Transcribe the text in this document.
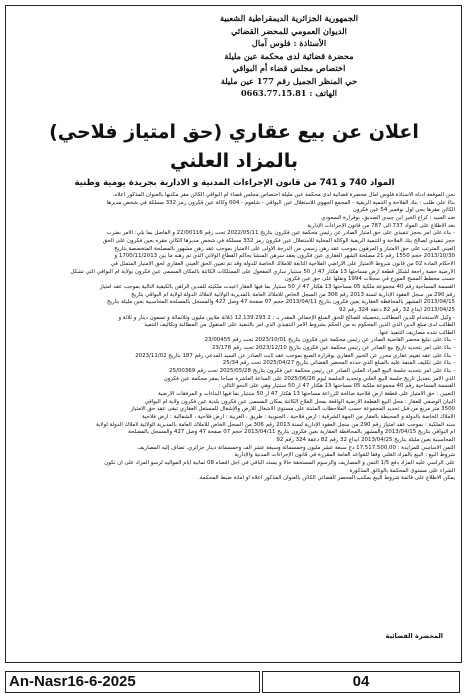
الجمهورية الجزائرية الديمقراطية الشعبية
الديوان العمومي للمحضر القضائي
الأستاذة : فلوس آمال
محضرة قضائية لدى محكمة عين مليلة
اختصاص مجلس قضاء أم البواقي
حي المنظر الجميل رقم 177 عين مليلة
الهاتف : 0663.77.15.81
اعلان عن بيع عقاري (حق امتياز فلاحي)
بالمزاد العلني
المواد 740 و 741 من قانون الإجراءات المدنية و الادارية بجريدة يومية وطنية

نحن الموقعة أدناه الأستاذة فلوس آمال محضرة قضائية لدى محكمة عين مليلة اختصاص مجلس قضاء أم البواقي الكائن مقر مكتبها بالعنوان المذكور أعلاه.

بناءً على طلب : بنك الفلاحة و التنمية الريفية - المجمع الجهوي للاستغلال عين البواقي - شلغوم - 004 وكالة عين فكرون رمز 332 مسلكة في شخص مديرها

الكائن مقرها بحي أول نوفمبر 54 عين فكرون

ضد السيد : كراع الخير ابن جيدي الصديق، بوقرارة السعودي

بعد الاطلاع على المواد 737 الى 787 من قانون الإجراءات الإدارية

- بناء على أمر بحجز تنفيذي على حق امتياز الصادر عن رئيس محكمة عين فكرون بتاريخ 2022/05/11 تحت رقم 22/00116 و الفاصل بما يلي: الأمر بضرب

حجز تنفيذي لصالح بنك الفلاحة و التنمية الريفية الوكالة المحلية للاستغلال عين فكرون رمز 332 مسلكة في شخص مديرها الكائن مقره بعين فكرون على الحق

العيني المترتب على حق الامتياز و المرهون بموجب عقد رهن رسمي من الدرجة الأولى على الامتياز بموجب عقد رهن مشهور بالمصلحة المتخصصة بتاريخ

2013/10/30 حجم 1550 رقم 21 مصلحة الشهر العقاري عين فكرون بعقد سرهن المنشأ بحاكم القطاع الولائي الذي تم رهنه ما بين 1700/11/2013 و

الأحكام المادة 02 من قانون شروط الامتياز على الأراضي الفلاحية التابعة للأملاك الخاصة للدولة وقد تم تعيين الحق العيني العقاري لحق الامتياز المتمثل في

الأرضية حصة راجعة لشكل قطعة أرض مساحتها 13 هكتار 47 آر 50 سنتيار ساري المفعول على الممتلكات الكائنة بالمكان المسمى عين فكرون بولاية أم البواقي التي تشكل

حسب مخطط المسح الموزع في سجلات 1994 ونقلها على حق عين فكرون

القسمة المساحية رقم 40 مجموعة ملكية 05 مساحتها 13 هكتار 47 آر 50 سنتيار بما فيها العقار أعيدت ملكيته للمدين الراهن بالكيفية التالية بموجب عقد امتياز

رقم 290 من سجل العقود الإدارية لسنة 2013 رقم 306 من السجل الخاص للاملاك العامة بالمديرية الولائية لأملاك الدولة لولاية ام البواقي بتاريخ

2013/04/15 المشهر بالمحافظة العقارية بعين فكرون بتاريخ 2013/04/11 حجم 07 صفحة 47 وصل 427 والمسجل بالمصلحة المحاسبية بعين مليلة بتاريخ

2013/04/25 ايداع 32 رقم 82 دعقة 324 رقم 92

- وكيل الاستخدام للدين المطالب بتحصيله للصالح للحق المبلغ الإجمالي المقدر بـ : 12.139.293.2 (ثلاثة ملايين مليون وثلاثمائة و تسعون دينار و ثلاثة و

الطالب لدى مبلغ الدين الذي الدين المحكوم به من الحكم بشروط الأمر التنفيذي الذي أمر بالتنفيذ على المنقول من المطالبة وتكاليف التنفيذ

الطالب شده مصاريف التنفيذ عنها.

- بناءً على تبليغ محضر القاضية الصادر عن رئيس محكمة عين فكرون بتاريخ 2023/10/01 تحت رقم 23/00455

- بناءً على أمر بتحديد تاريخ بيع الصادر عن رئيس محكمة عين فكرون بتاريخ 2023/12/10 تحت رقم 23/178

- بناءً على عقد تقييم عقاري محرر عن الخبير العقاري بوقرارة الصبغ بموجب عقد ثابت الصادر عن السيد المدعي رقم 187 بتاريخ 2023/11/02

- بناءً على تكليف المنفذ عليه بالمبلغ الذي حدده المحضر القضائي بتاريخ 2025/04/27 تحت رقم 25/34

- بناءً على أمر بتحديد جلسة البيع المراد العلني الصادر عن رئيس محكمة عين فكرون بتاريخ 2025/05/28 تحت رقم 25/00369

الذي الأمر بتعديل تاريخ جلسة البيع العلني وتحديد الجلسة ليوم 2025/06/26 على الساعة العاشرة صباحا بمقر محكمة عين فكرون

القسمة المساحية رقم 40 مجموعة ملكية 05 مساحتها 13 هكتار 47 آر 50 سنتيار وهي على النحو التالي :

التعيين : حق الامتياز على قطعة أرض فلاحية صالحة للزراعة مساحتها 13 هكتار 47 آر 50 سنتيار بما فيها البناءات و المرفقات الأرضية

البيان الوصفي للعقار : محل البيع القطعة الأرضية الواقعة بمحل الفلاح الكائنة بمكان المسمى عين فكرون بلدية عين فكرون ولاية أم البواقي

3500 متر مربع من قبل تحديد المجموعة حسب الملاحظات المثبتة على مستوى الأشغال للأرض والإشغال للمستغل العقاري تبقى عقد حق الامتياز

الأملاك الخاصة بالدولة و المحيطة بالعقار من الجهة الشرقية : أرض فلاحية ، الجنوبية : طريق ، الغربية : أرض فلاحية ، الشمالية : أرض فلاحية

سند الملكية : بموجب عقد امتياز رقم 290 من سجل العقود الإدارية لسنة 2013 رقم 306 من السجل الخاص للاملاك العامة بالمديرية الولائية لأملاك الدولة لولاية

أم البواقي بتاريخ 2013/04/15 والمشهر بالمحافظة العقارية بعين فكرون بتاريخ 2013/04/11 حجم 07 صفحة 47 وصل 427 والمسجل بالمصلحة

المحاسبية بعين مليلة بتاريخ 2013/04/25 ايداع 32 رقم 82 دعقة 324 رقم 92

الثمن الأساسي للمزايدة : 17.517.500,00 دج سبعة عشر مليون وخمسمائة وسبعة عشر ألف وخمسمائة دينار جزائري، تضاف إليه المصاريف

شروط البيع : البيع بالمزاد العلني وفقا للقواعد العامة المقررة في قانون الإجراءات المدنية والإدارية

على الراسي عليه المزاد دفع 1/5 الثمن و المصاريف والرسوم المستحقة حالا و يسدد الباقي في أجل أقصاه 08 ثمانية أيام المواليه لرسو المزاد على أن تكون

الشراء على مستوى المحكمة بالوثائق المذكورة

يمكن الاطلاع على قائمة شروط البيع بمكتب المحضر القضائي الكائن بالعنوان المذكور أعلاه أو أمانة ضبط المحكمة.

المحضرة القضائية
An-Nasr16-6-2025	04
